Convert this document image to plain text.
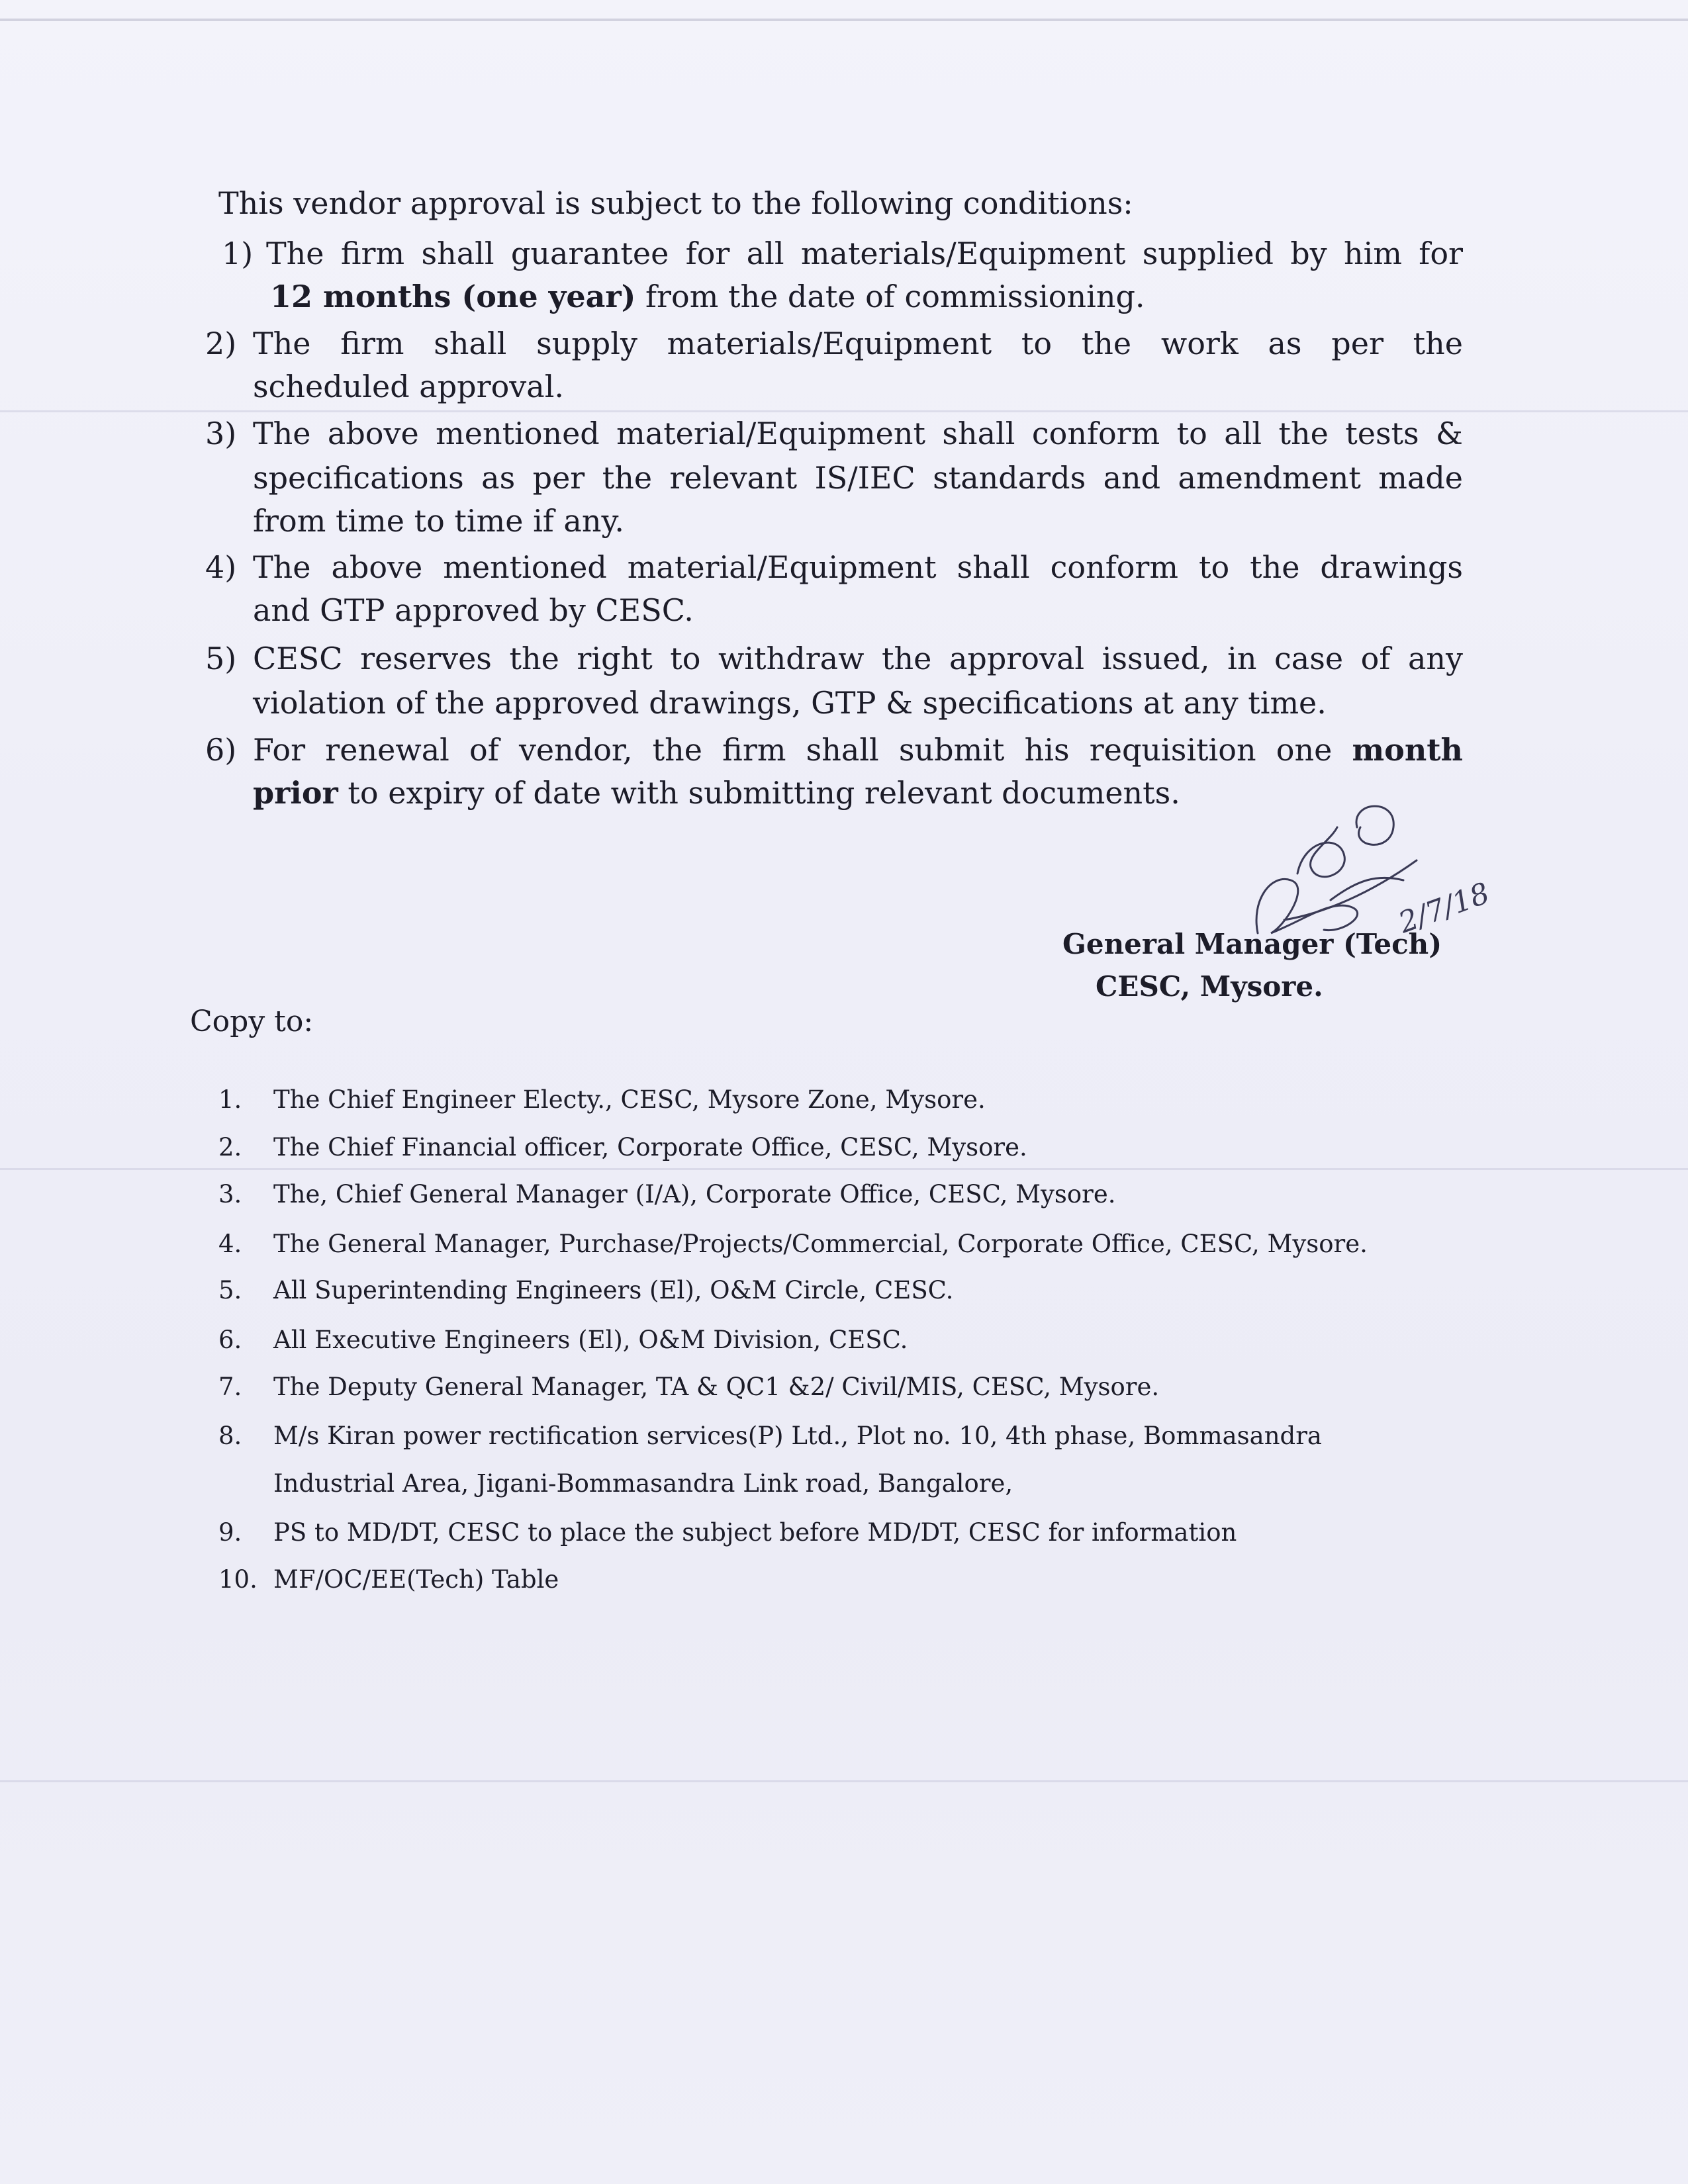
This vendor approval is subject to the following conditions:
1) The firm shall guarantee for all materials/Equipment supplied by him for
12 months (one year) from the date of commissioning.
2) The firm shall supply materials/Equipment to the work as per the
scheduled approval.
3) The above mentioned material/Equipment shall conform to all the tests &
specifications as per the relevant IS/IEC standards and amendment made
from time to time if any.
4) The above mentioned material/Equipment shall conform to the drawings
and GTP approved by CESC.
5) CESC reserves the right to withdraw the approval issued, in case of any
violation of the approved drawings, GTP & specifications at any time.
6) For renewal of vendor, the firm shall submit his requisition one month
prior to expiry of date with submitting relevant documents.
2/7/18
General Manager (Tech)
CESC, Mysore.
Copy to:
1. The Chief Engineer Electy., CESC, Mysore Zone, Mysore.
2. The Chief Financial officer, Corporate Office, CESC, Mysore.
3. The, Chief General Manager (I/A), Corporate Office, CESC, Mysore.
4. The General Manager, Purchase/Projects/Commercial, Corporate Office, CESC, Mysore.
5. All Superintending Engineers (El), O&M Circle, CESC.
6. All Executive Engineers (El), O&M Division, CESC.
7. The Deputy General Manager, TA & QC1 &2/ Civil/MIS, CESC, Mysore.
8. M/s Kiran power rectification services(P) Ltd., Plot no. 10, 4th phase, Bommasandra
Industrial Area, Jigani-Bommasandra Link road, Bangalore,
9. PS to MD/DT, CESC to place the subject before MD/DT, CESC for information
10. MF/OC/EE(Tech) Table
